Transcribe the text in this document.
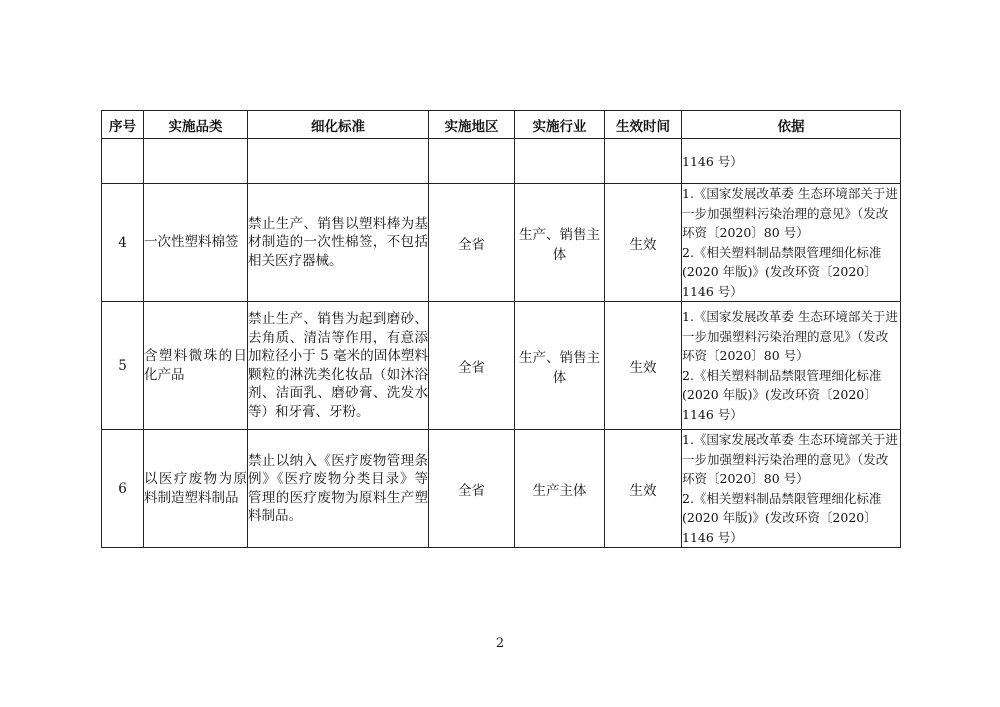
序号	实施品类	细化标准	实施地区	实施行业	生效时间	依据
						1146 号）
4	一次性塑料棉签	禁止生产、销售以塑料棒为基材制造的一次性棉签，不包括相关医疗器械。	全省	生产、销售主体	生效	1.《国家发展改革委 生态环境部关于进一步加强塑料污染治理的意见》（发改环资〔2020〕80 号）
2.《相关塑料制品禁限管理细化标准(2020 年版)》(发改环资〔2020〕1146 号）

5	含塑料微珠的日化产品	禁止生产、销售为起到磨砂、去角质、清洁等作用，有意添加粒径小于 5 毫米的固体塑料颗粒的淋洗类化妆品（如沐浴剂、洁面乳、磨砂膏、洗发水等）和牙膏、牙粉。	全省	生产、销售主体	生效	1.《国家发展改革委 生态环境部关于进一步加强塑料污染治理的意见》（发改环资〔2020〕80 号）
2.《相关塑料制品禁限管理细化标准(2020 年版)》(发改环资〔2020〕1146 号）

6	以医疗废物为原料制造塑料制品	禁止以纳入《医疗废物管理条例》《医疗废物分类目录》等管理的医疗废物为原料生产塑料制品。	全省	生产主体	生效	1.《国家发展改革委 生态环境部关于进一步加强塑料污染治理的意见》（发改环资〔2020〕80 号）
2.《相关塑料制品禁限管理细化标准(2020 年版)》(发改环资〔2020〕1146 号）
2
